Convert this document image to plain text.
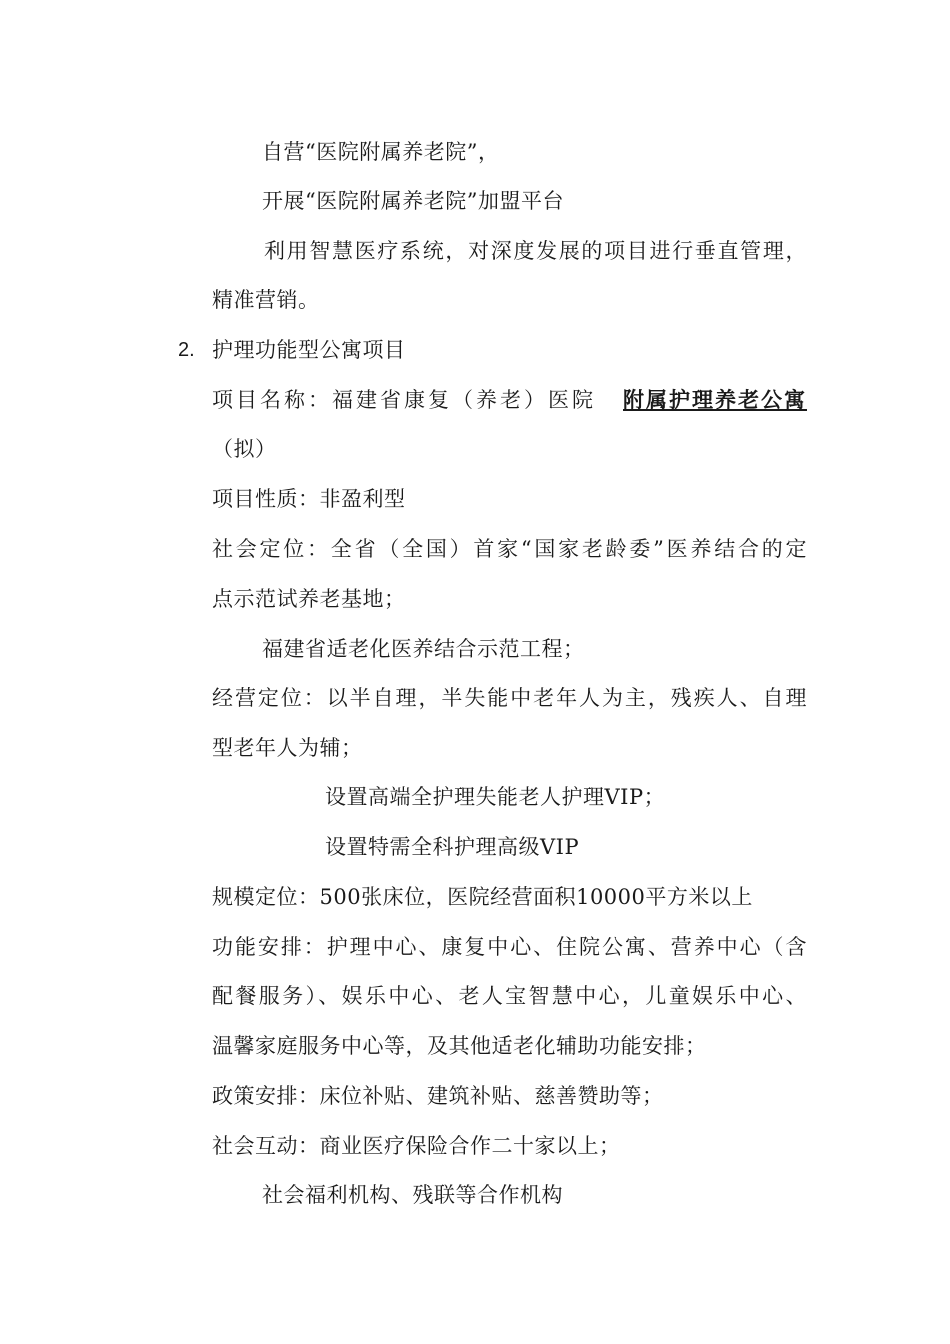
自营“医院附属养老院”，
开展“医院附属养老院”加盟平台
利用智慧医疗系统，对深度发展的项目进行垂直管理，
精准营销。
2. 护理功能型公寓项目
项目名称：福建省康复（养老）医院 附属护理养老公寓
（拟）
项目性质：非盈利型
社会定位：全省（全国）首家“国家老龄委”医养结合的定
点示范试养老基地；
福建省适老化医养结合示范工程；
经营定位：以半自理，半失能中老年人为主，残疾人、自理
型老年人为辅；
设置高端全护理失能老人护理VIP；
设置特需全科护理高级VIP
规模定位：500张床位，医院经营面积10000平方米以上
功能安排：护理中心、康复中心、住院公寓、营养中心（含
配餐服务）、娱乐中心、老人宝智慧中心，儿童娱乐中心、
温馨家庭服务中心等，及其他适老化辅助功能安排；
政策安排：床位补贴、建筑补贴、慈善赞助等；
社会互动：商业医疗保险合作二十家以上；
社会福利机构、残联等合作机构
